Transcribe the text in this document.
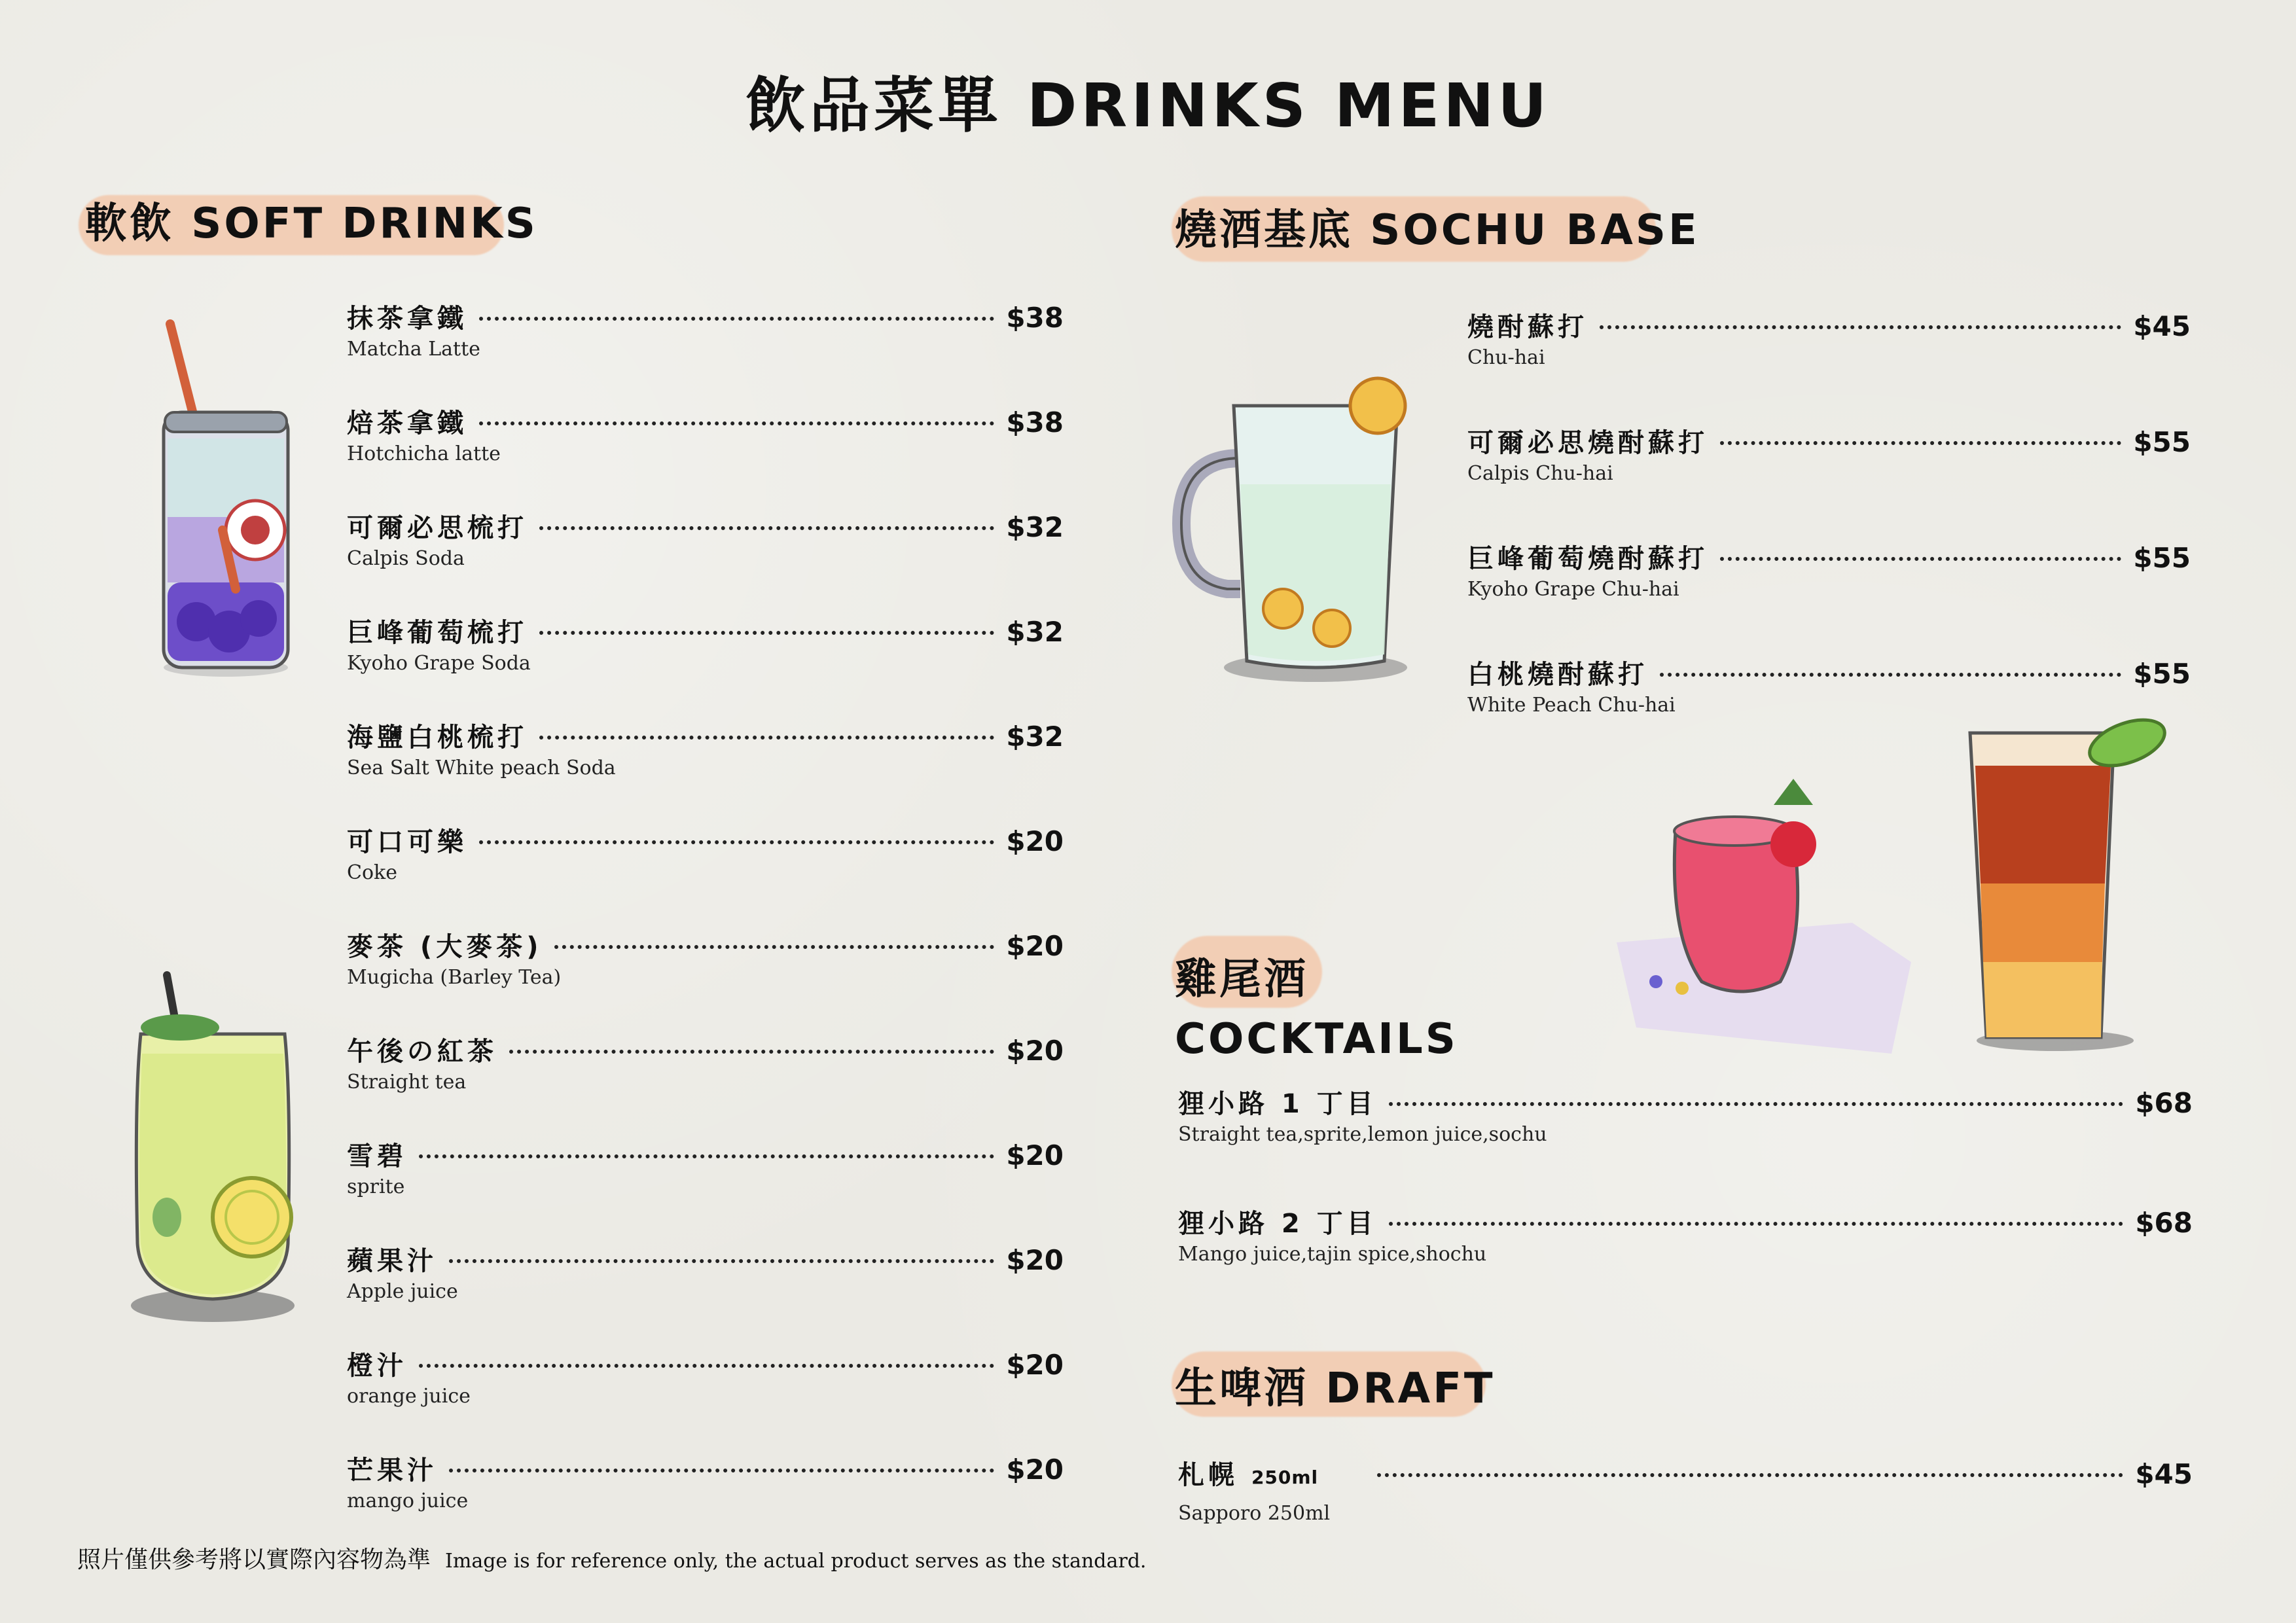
飲品菜單 DRINKS MENU
軟飲 SOFT DRINKS	燒酒基底 SOCHU BASE
雞尾酒
COCKTAILS
生啤酒 DRAFT
抹茶拿鐵	$38
Matcha Latte
焙茶拿鐵	$38
Hotchicha latte
可爾必思梳打	$32
Calpis Soda
巨峰葡萄梳打	$32
Kyoho Grape Soda
海鹽白桃梳打	$32
Sea Salt White peach Soda
可口可樂	$20
Coke
麥茶 (大麥茶)	$20
Mugicha (Barley Tea)
午後の紅茶	$20
Straight tea
雪碧	$20
sprite
蘋果汁	$20
Apple juice
橙汁	$20
orange juice
芒果汁	$20
mango juice
燒酎蘇打	$45
Chu-hai
可爾必思燒酎蘇打	$55
Calpis Chu-hai
巨峰葡萄燒酎蘇打	$55
Kyoho Grape Chu-hai
白桃燒酎蘇打	$55
White Peach Chu-hai
狸小路 1 丁目	$68
Straight tea,sprite,lemon juice,sochu
狸小路 2 丁目	$68
Mango juice,tajin spice,shochu
札幌 250ml	$45
Sapporo 250ml
照片僅供參考將以實際內容物為準 Image is for reference only, the actual product serves as the standard.
